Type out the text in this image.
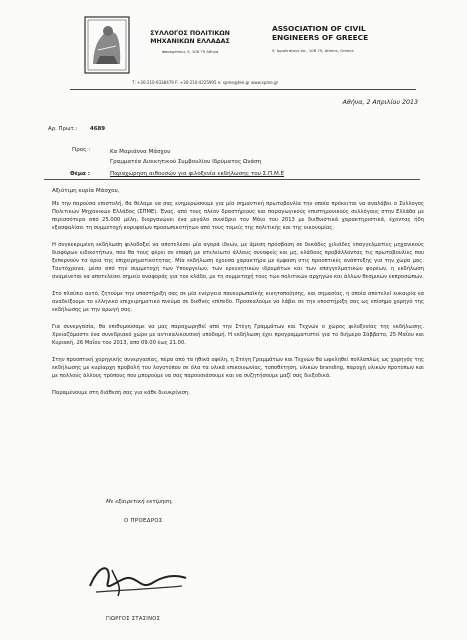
ΣΥΛΛΟΓΟΣ ΠΟΛΙΤΙΚΩΝ
ΜΗΧΑΝΙΚΩΝ ΕΛΛΑΔΑΣ
Ιπποκράτους 9, 106 79 Αθήνα
ASSOCIATION OF CIVIL
ENGINEERS OF GREECE
9, Ippokratous str., 106 79, Athens, Greece
Τ: +30-210-9338479 F: +30-210-4225995 e: spme@tee.gr www.spme.gr
Αθήνα, 2 Απριλίου 2013
Αρ. Πρωτ.: 4689
Προς :	Κα Μαριάννα Μάσχου
Γραμματέα Διοικητικού Συμβουλίου Ιδρύματος Ωνάση
Θέμα :	Παραχώρηση αιθουσών για φιλοξενία εκδήλωσης του Σ.Π.Μ.Ε
Αξιότιμη κυρία Μάσχου,

Με την παρούσα επιστολή, θα θέλαμε να σας ενημερώσουμε για μία σημαντική πρωτοβουλία την οποία πρόκειται να αναλάβει ο Σύλλογος Πολιτικών Μηχανικών Ελλάδος (ΣΠΜΕ). Ένας, από τους πλέον δραστήριους και παραγωγικούς επιστημονικούς συλλόγους στην Ελλάδα με περισσότερα από 25.000 μέλη, διοργανώνει ένα μεγάλο συνέδριο τον Μάιο του 2013 με διεθνιστικά χαρακτηριστικά, έχοντας ήδη εξασφαλίσει τη συμμετοχή κορυφαίων προσωπικοτήτων από τους τομείς της πολιτικής και της οικονομίας.

Η συγκεκριμένη εκδήλωση φιλοδοξεί να αποτελέσει μία αγορά ιδεών, με άμεση πρόσβαση σε δεκάδες χιλιάδες επαγγελματίες μηχανικούς διαφόρων ειδικοτήτων, που θα τους φέρει σε επαφή με ατελείωτο άλλους συναφείς και μη, κλάδους προβάλλοντας τις πρωτοβουλίες που ξεπερνούν τα όρια της επιχειρηματικότητας. Μία εκδήλωση έχουσα χαρακτήρα με έμφαση στις προοπτικές ανάπτυξης για την χώρα μας. Ταυτόχρονα, μέσα από την συμμετοχή των Υπουργείων, των ερευνητικών ιδρυμάτων και των επαγγελματικών φορέων, η εκδήλωση αναμένεται να αποτελέσει σημείο αναφοράς για τον κλάδο, με τη συμμετοχή τους των πολιτικών αρχηγών και άλλων θεσμικών εκπροσώπων.

Στο πλαίσιο αυτό, ζητούμε την υποστήριξη σας σε μία ενέργεια πανευρωπαϊκής κινητοποίησης, και σημασίας, η οποία αποτελεί ευκαιρία να αναδείξουμε το ελληνικό επιχειρηματικό πνεύμα σε διεθνές επίπεδο. Προσκαλούμε να λάβει σε την υποστήριξη σας ως επίσημο χορηγό της εκδήλωσης με την αρωγή σας.

Για συνεργασία, θα επιθυμούσαμε να μας παραχωρηθεί από την Στέγη Γραμμάτων και Τεχνών ο χώρος φιλοξενίας της εκδήλωσης. Χρειαζόμαστε ένα συνεδριακό χώρο με αντικαλικουσική υποδομή. H εκδήλωση έχει προγραμματιστεί για το διήμερο Σάββατο, 25 Μαΐου και Κυριακή, 26 Μαΐου του 2013, απο 09.00 έως 21.00.

Στην προοπτική χορηγικής συνεργασίας, πέρα από τα ηθικά οφέλη, η Στέγη Γραμμάτων και Τεχνών θα ωφεληθεί πολλαπλώς ως χορηγός της εκδήλωσης με κυρίαρχη προβολή του λογοτύπου σε όλα τα υλικά επικοινωνίας, τοποθέτηση, υλικών branding, παροχή υλικών προτύπων και με πολλούς άλλους τρόπους που μπορούμε να σας παρουσιάσουμε και να συζητήσουμε μαζί σας διεξοδικά.

Παραμένουμε στη διάθεσή σας για κάθε διευκρίνιση.

Με εξαιρετική εκτίμηση,
Ο ΠΡΟΕΔΡΟΣ
ΓΙΩΡΓΟΣ ΣΤΑΣΙΝΟΣ
